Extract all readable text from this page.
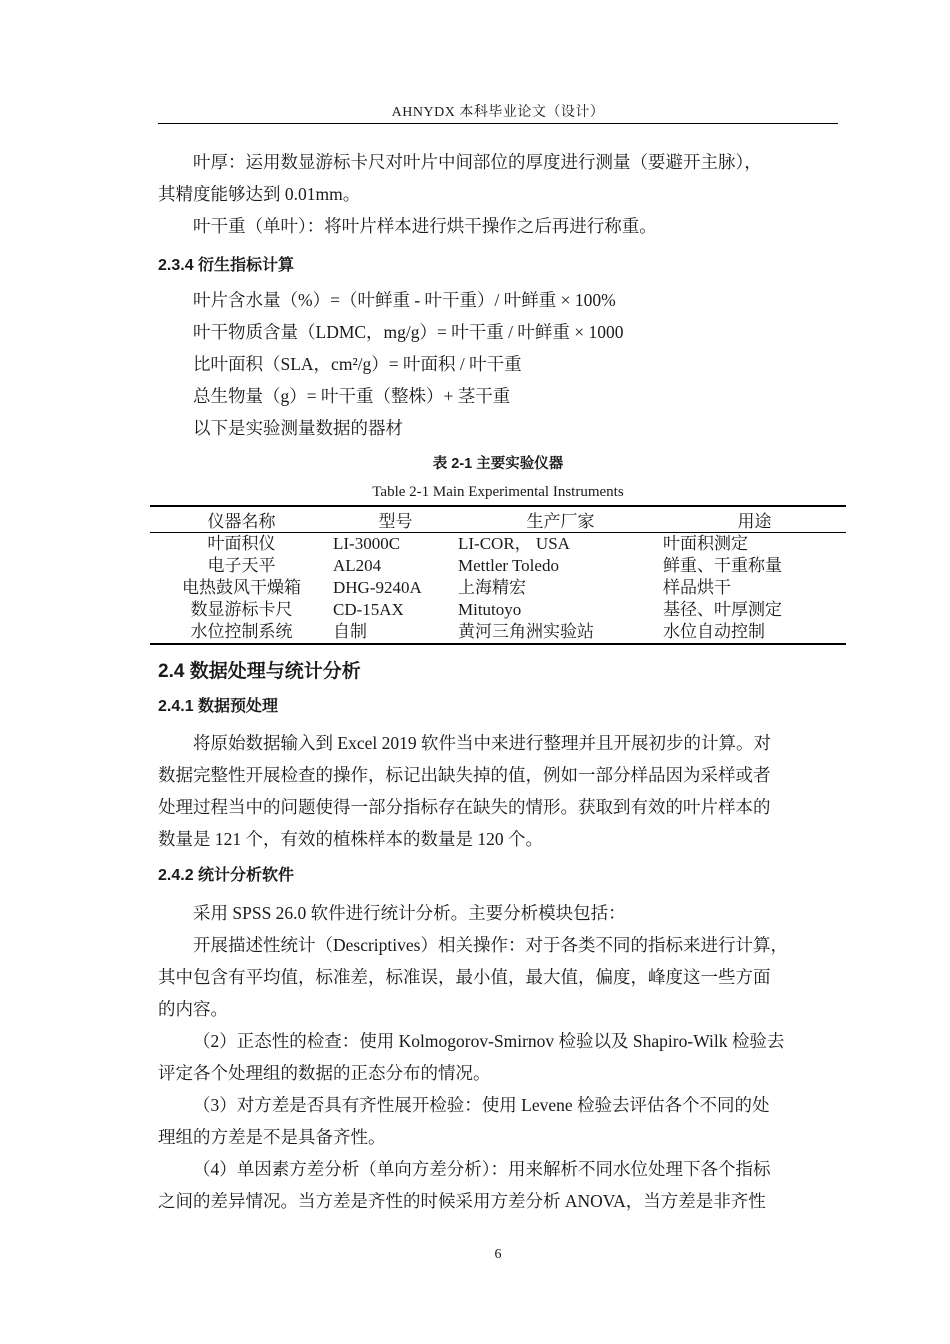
AHNYDX 本科毕业论文（设计）
叶厚：运用数显游标卡尺对叶片中间部位的厚度进行测量（要避开主脉），
其精度能够达到 0.01mm。
叶干重（单叶）：将叶片样本进行烘干操作之后再进行称重。
2.3.4 衍生指标计算
叶片含水量（%）=（叶鲜重 - 叶干重）/ 叶鲜重 × 100%
叶干物质含量（LDMC，mg/g）= 叶干重 / 叶鲜重 × 1000
比叶面积（SLA，cm²/g）= 叶面积 / 叶干重
总生物量（g）= 叶干重（整株）+ 茎干重
以下是实验测量数据的器材
表 2-1 主要实验仪器
Table 2-1 Main Experimental Instruments
仪器名称	型号	生产厂家	用途
叶面积仪	LI-3000C	LI-COR， USA	叶面积测定
电子天平	AL204	Mettler Toledo	鲜重、干重称量
电热鼓风干燥箱	DHG-9240A	上海精宏	样品烘干
数显游标卡尺	CD-15AX	Mitutoyo	基径、叶厚测定
水位控制系统	自制	黄河三角洲实验站	水位自动控制
2.4 数据处理与统计分析
2.4.1 数据预处理
将原始数据输入到 Excel 2019 软件当中来进行整理并且开展初步的计算。对
数据完整性开展检查的操作，标记出缺失掉的值，例如一部分样品因为采样或者
处理过程当中的问题使得一部分指标存在缺失的情形。获取到有效的叶片样本的
数量是 121 个，有效的植株样本的数量是 120 个。
2.4.2 统计分析软件
采用 SPSS 26.0 软件进行统计分析。主要分析模块包括：
开展描述性统计（Descriptives）相关操作：对于各类不同的指标来进行计算，
其中包含有平均值，标准差，标准误，最小值，最大值，偏度，峰度这一些方面
的内容。
（2）正态性的检查：使用 Kolmogorov-Smirnov 检验以及 Shapiro-Wilk 检验去
评定各个处理组的数据的正态分布的情况。
（3）对方差是否具有齐性展开检验：使用 Levene 检验去评估各个不同的处
理组的方差是不是具备齐性。
（4）单因素方差分析（单向方差分析）：用来解析不同水位处理下各个指标
之间的差异情况。当方差是齐性的时候采用方差分析 ANOVA，当方差是非齐性
6
